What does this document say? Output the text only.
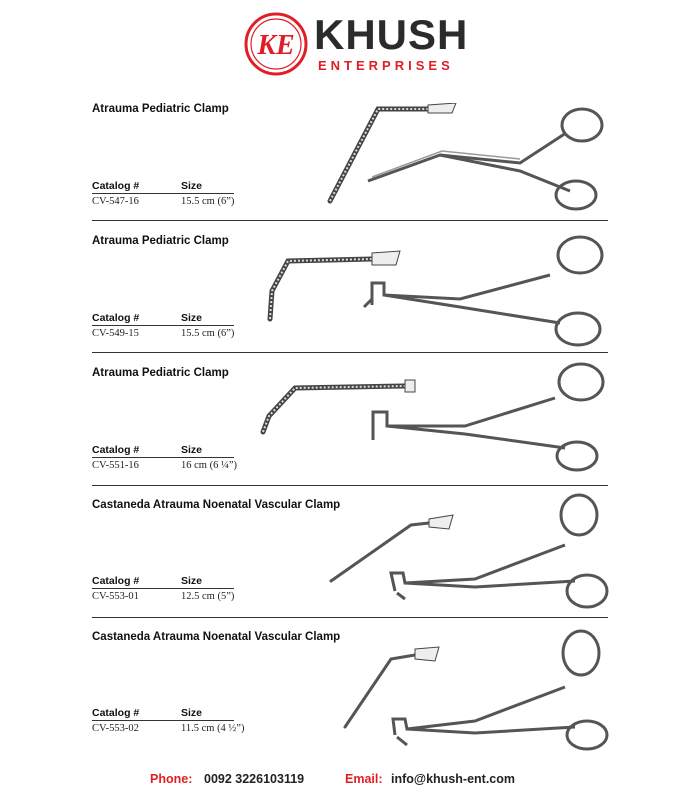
KE KHUSH
ENTERPRISES
Atrauma Pediatric Clamp
Catalog #	Size
CV-547-16	15.5 cm (6”)
Atrauma Pediatric Clamp
Catalog #	Size
CV-549-15	15.5 cm (6”)
Atrauma Pediatric Clamp
Catalog #	Size
CV-551-16	16 cm (6 ¼”)
Castaneda Atrauma Noenatal Vascular Clamp
Catalog #	Size
CV-553-01	12.5 cm (5”)
Castaneda Atrauma Noenatal Vascular Clamp
Catalog #	Size
CV-553-02	11.5 cm (4 ½”)
Phone: 0092 3226103119	Email: info@khush-ent.com
